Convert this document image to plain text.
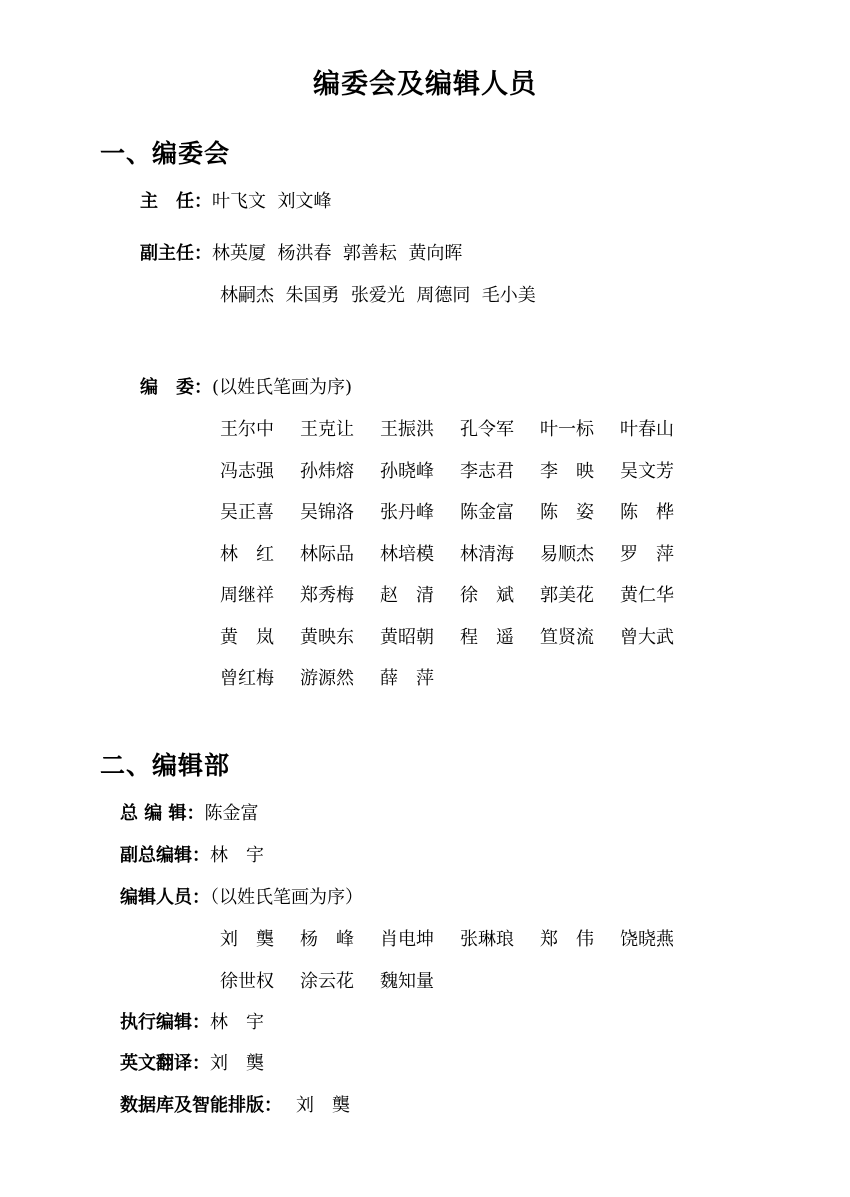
编委会及编辑人员
一、编委会
主　任：叶飞文  刘文峰
副主任：林英厦  杨洪春  郭善耘  黄向晖
林嗣杰  朱国勇  张爱光  周德同  毛小美
编　委：(以姓氏笔画为序)
王尔中 王克让 王振洪 孔令军 叶一标 叶春山
冯志强 孙炜熔 孙晓峰 李志君 李　映 吴文芳
吴正喜 吴锦洛 张丹峰 陈金富 陈　姿 陈　桦
林　红 林际品 林培模 林清海 易顺杰 罗　萍
周继祥 郑秀梅 赵　清 徐　斌 郭美花 黄仁华
黄　岚 黄映东 黄昭朝 程　遥 笪贤流 曾大武
曾红梅 游源然 薛　萍
二、编辑部
总 编 辑：陈金富
副总编辑：林　宇
编辑人员：（以姓氏笔画为序）
刘　龑 杨　峰 肖电坤 张琳琅 郑　伟 饶晓燕
徐世权 涂云花 魏知量
执行编辑：林　宇
英文翻译：刘　龑
数据库及智能排版： 刘　龑
